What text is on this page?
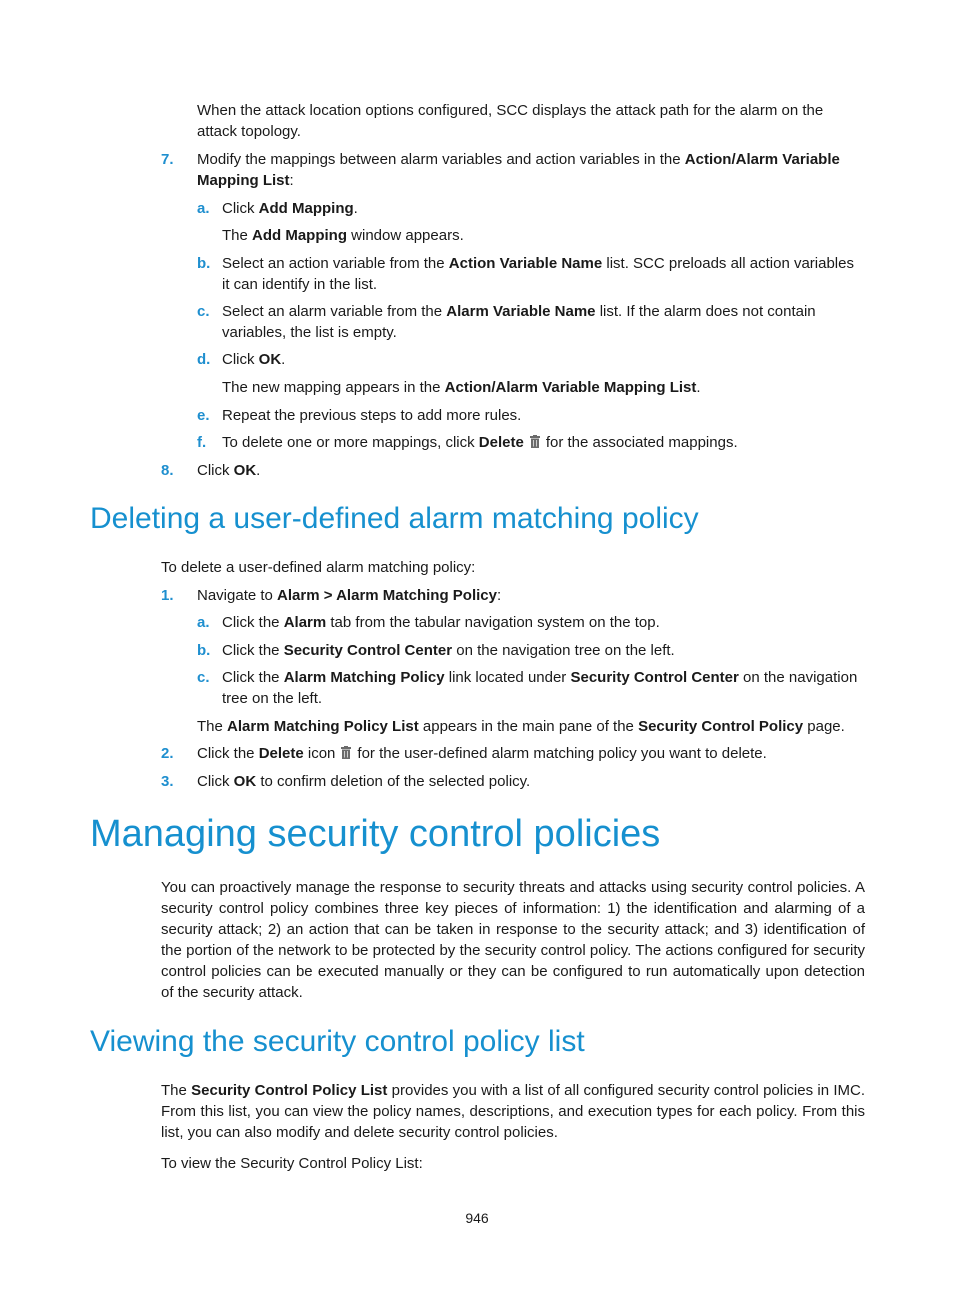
When the attack location options configured, SCC displays the attack path for the alarm on the attack topology.
7. Modify the mappings between alarm variables and action variables in the Action/Alarm Variable Mapping List:
a. Click Add Mapping.
The Add Mapping window appears.
b. Select an action variable from the Action Variable Name list. SCC preloads all action variables it can identify in the list.
c. Select an alarm variable from the Alarm Variable Name list. If the alarm does not contain variables, the list is empty.
d. Click OK.
The new mapping appears in the Action/Alarm Variable Mapping List.
e. Repeat the previous steps to add more rules.
f. To delete one or more mappings, click Delete for the associated mappings.
8. Click OK.
Deleting a user-defined alarm matching policy
To delete a user-defined alarm matching policy:
1. Navigate to Alarm > Alarm Matching Policy:
a. Click the Alarm tab from the tabular navigation system on the top.
b. Click the Security Control Center on the navigation tree on the left.
c. Click the Alarm Matching Policy link located under Security Control Center on the navigation tree on the left.
The Alarm Matching Policy List appears in the main pane of the Security Control Policy page.
2. Click the Delete icon for the user-defined alarm matching policy you want to delete.
3. Click OK to confirm deletion of the selected policy.
Managing security control policies
You can proactively manage the response to security threats and attacks using security control policies. A security control policy combines three key pieces of information: 1) the identification and alarming of a security attack; 2) an action that can be taken in response to the security attack; and 3) identification of the portion of the network to be protected by the security control policy. The actions configured for security control policies can be executed manually or they can be configured to run automatically upon detection of the security attack.
Viewing the security control policy list
The Security Control Policy List provides you with a list of all configured security control policies in IMC. From this list, you can view the policy names, descriptions, and execution types for each policy. From this list, you can also modify and delete security control policies.
To view the Security Control Policy List:
946
